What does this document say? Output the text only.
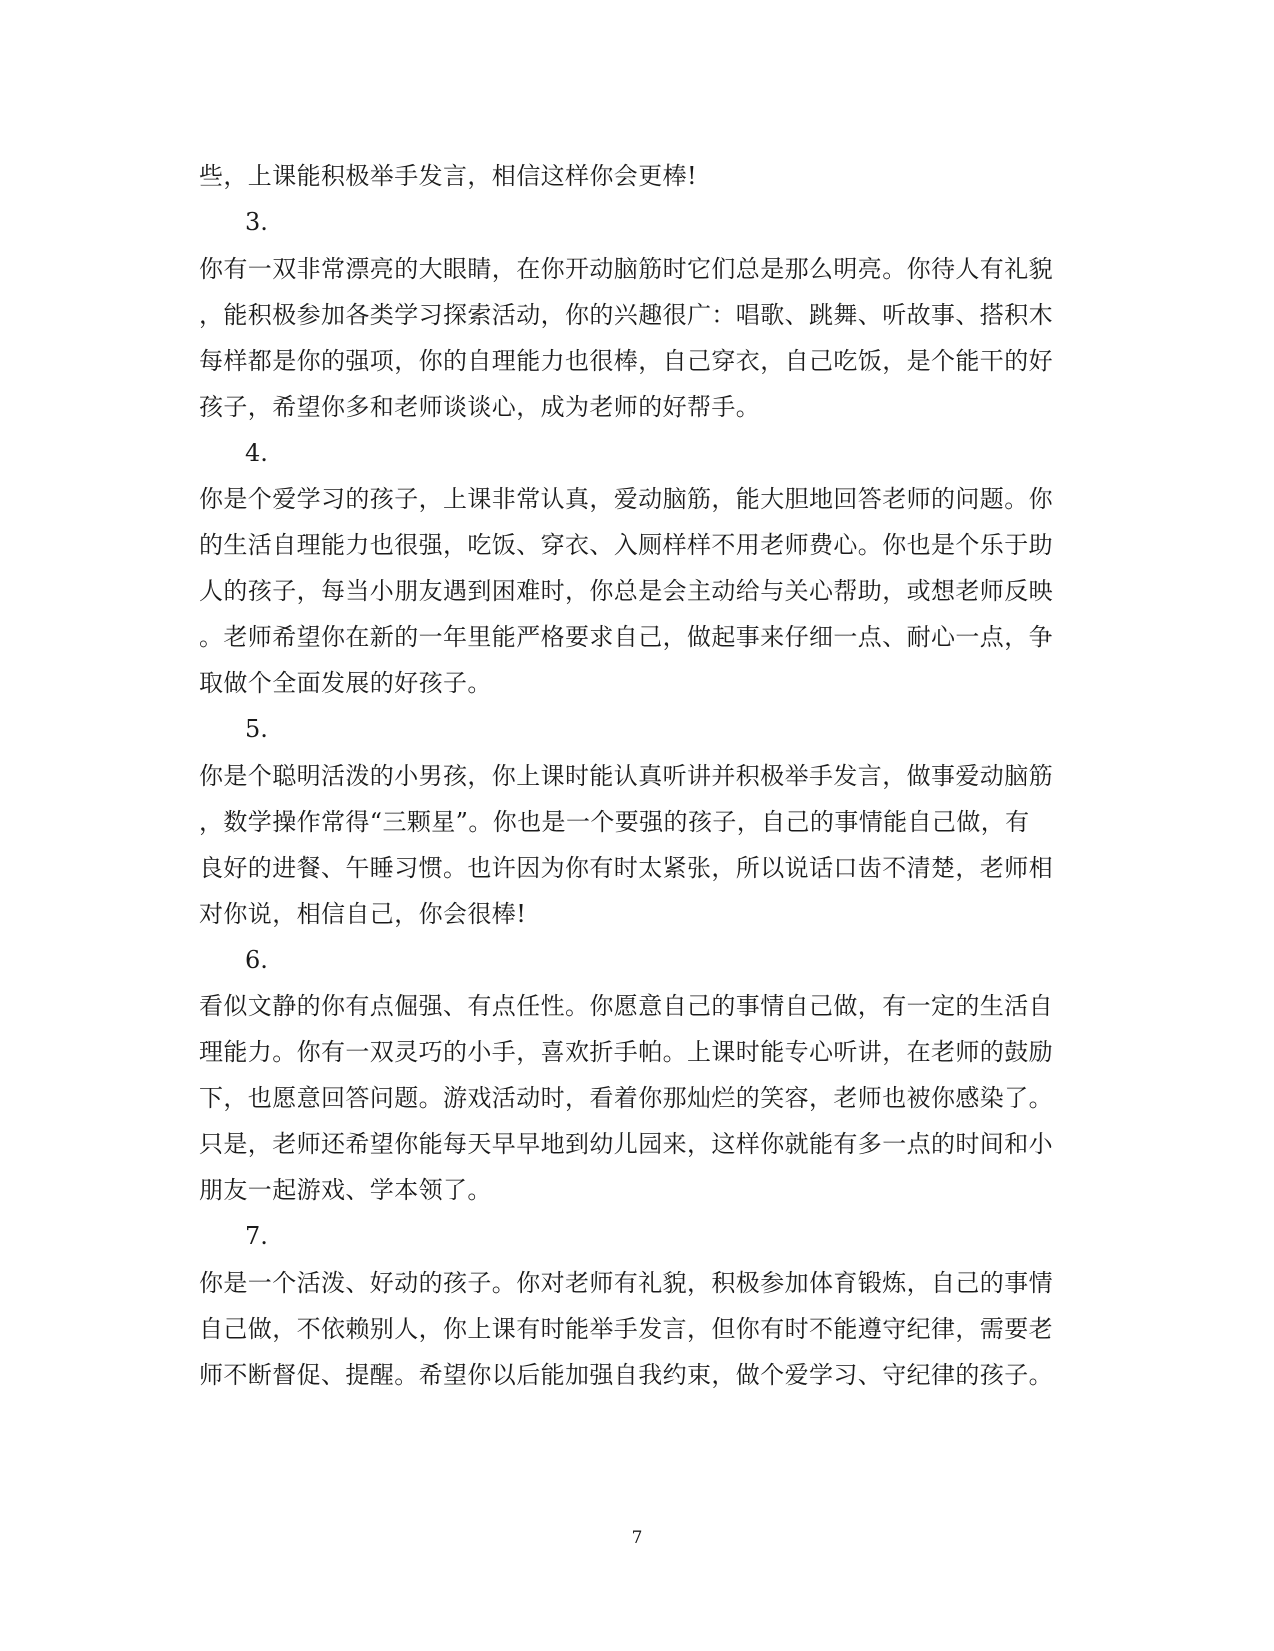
些，上课能积极举手发言，相信这样你会更棒!
3.
你有一双非常漂亮的大眼睛，在你开动脑筋时它们总是那么明亮。你待人有礼貌
，能积极参加各类学习探索活动，你的兴趣很广：唱歌、跳舞、听故事、搭积木
每样都是你的强项，你的自理能力也很棒，自己穿衣，自己吃饭，是个能干的好
孩子，希望你多和老师谈谈心，成为老师的好帮手。
4.
你是个爱学习的孩子，上课非常认真，爱动脑筋，能大胆地回答老师的问题。你
的生活自理能力也很强，吃饭、穿衣、入厕样样不用老师费心。你也是个乐于助
人的孩子，每当小朋友遇到困难时，你总是会主动给与关心帮助，或想老师反映
。老师希望你在新的一年里能严格要求自己，做起事来仔细一点、耐心一点，争
取做个全面发展的好孩子。
5.
你是个聪明活泼的小男孩，你上课时能认真听讲并积极举手发言，做事爱动脑筋
，数学操作常得“三颗星”。你也是一个要强的孩子，自己的事情能自己做，有
良好的进餐、午睡习惯。也许因为你有时太紧张，所以说话口齿不清楚，老师相
对你说，相信自己，你会很棒!
6.
看似文静的你有点倔强、有点任性。你愿意自己的事情自己做，有一定的生活自
理能力。你有一双灵巧的小手，喜欢折手帕。上课时能专心听讲，在老师的鼓励
下，也愿意回答问题。游戏活动时，看着你那灿烂的笑容，老师也被你感染了。
只是，老师还希望你能每天早早地到幼儿园来，这样你就能有多一点的时间和小
朋友一起游戏、学本领了。
7.
你是一个活泼、好动的孩子。你对老师有礼貌，积极参加体育锻炼，自己的事情
自己做，不依赖别人，你上课有时能举手发言，但你有时不能遵守纪律，需要老
师不断督促、提醒。希望你以后能加强自我约束，做个爱学习、守纪律的孩子。
7
